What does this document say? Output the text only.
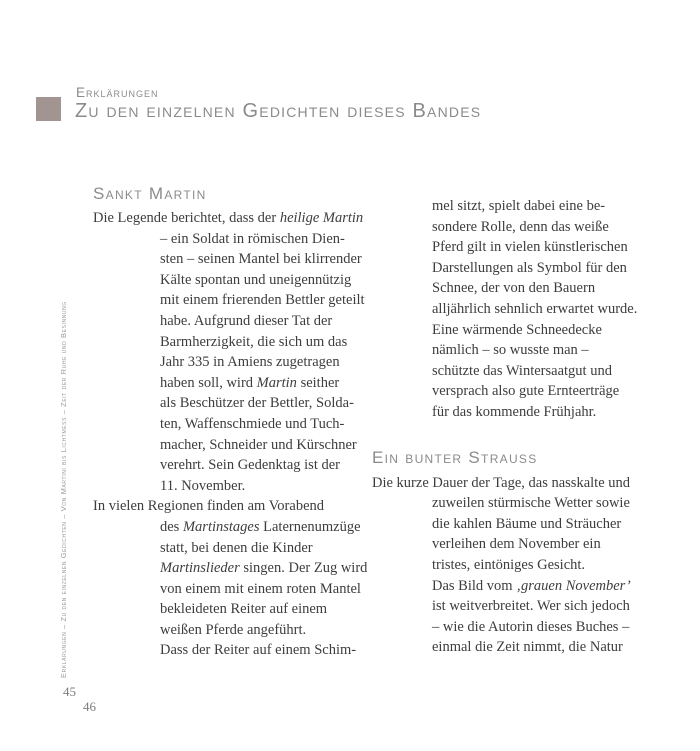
Erklärungen
Zu den einzelnen Gedichten dieses Bandes
Erklärungen – Zu den einzelnen Gedichten – Von Martini bis Lichtmess – Zeit der Ruhe und Besinnung
Sankt Martin
Die Legende berichtet, dass der heilige Martin
– ein Soldat in römischen Dien-
sten – seinen Mantel bei klirrender
Kälte spontan und uneigennützig
mit einem frierenden Bettler geteilt
habe. Aufgrund dieser Tat der
Barmherzigkeit, die sich um das
Jahr 335 in Amiens zugetragen
haben soll, wird Martin seither
als Beschützer der Bettler, Solda-
ten, Waffenschmiede und Tuch-
macher, Schneider und Kürschner
verehrt. Sein Gedenktag ist der
11. November.
In vielen Regionen finden am Vorabend
des Martinstages Laternenumzüge
statt, bei denen die Kinder
Martinslieder singen. Der Zug wird
von einem mit einem roten Mantel
bekleideten Reiter auf einem
weißen Pferde angeführt.
Dass der Reiter auf einem Schim-
mel sitzt, spielt dabei eine be-
sondere Rolle, denn das weiße
Pferd gilt in vielen künstlerischen
Darstellungen als Symbol für den
Schnee, der von den Bauern
alljährlich sehnlich erwartet wurde.
Eine wärmende Schneedecke
nämlich – so wusste man –
schützte das Wintersaatgut und
versprach also gute Ernteerträge
für das kommende Frühjahr.
Ein bunter Strauss
Die kurze Dauer der Tage, das nasskalte und
zuweilen stürmische Wetter sowie
die kahlen Bäume und Sträucher
verleihen dem November ein
tristes, eintöniges Gesicht.
Das Bild vom ‚grauen November’
ist weitverbreitet. Wer sich jedoch
– wie die Autorin dieses Buches –
einmal die Zeit nimmt, die Natur
45
46
